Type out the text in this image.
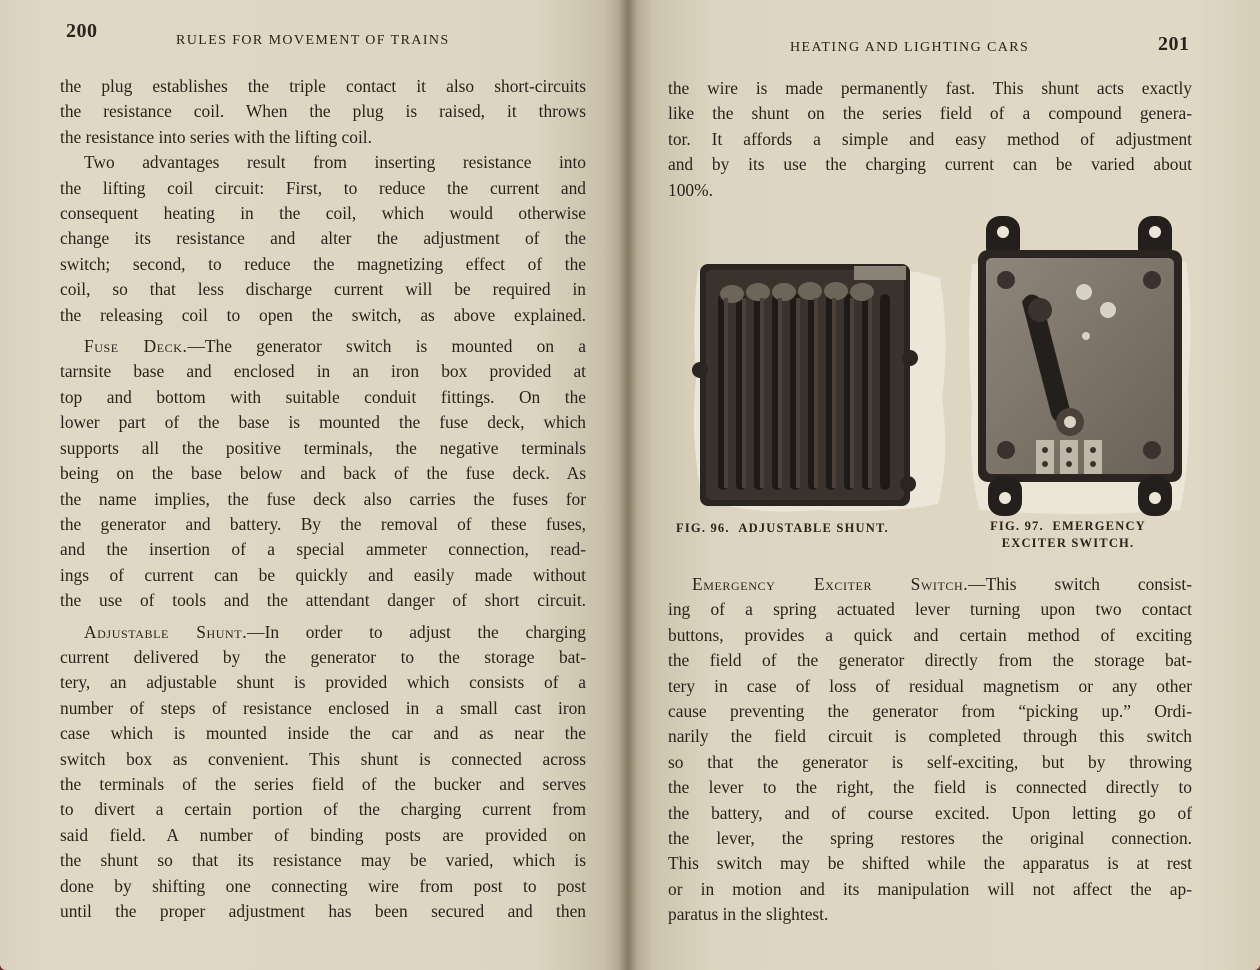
200	RULES FOR MOVEMENT OF TRAINS
the plug establishes the triple contact it also short-circuits
the resistance coil. When the plug is raised, it throws
the resistance into series with the lifting coil.
Two advantages result from inserting resistance into
the lifting coil circuit: First, to reduce the current and
consequent heating in the coil, which would otherwise
change its resistance and alter the adjustment of the
switch; second, to reduce the magnetizing effect of the
coil, so that less discharge current will be required in
the releasing coil to open the switch, as above explained.
Fuse Deck.—The generator switch is mounted on a
tarnsite base and enclosed in an iron box provided at
top and bottom with suitable conduit fittings. On the
lower part of the base is mounted the fuse deck, which
supports all the positive terminals, the negative terminals
being on the base below and back of the fuse deck. As
the name implies, the fuse deck also carries the fuses for
the generator and battery. By the removal of these fuses,
and the insertion of a special ammeter connection, read-
ings of current can be quickly and easily made without
the use of tools and the attendant danger of short circuit.
Adjustable Shunt.—In order to adjust the charging
current delivered by the generator to the storage bat-
tery, an adjustable shunt is provided which consists of a
number of steps of resistance enclosed in a small cast iron
case which is mounted inside the car and as near the
switch box as convenient. This shunt is connected across
the terminals of the series field of the bucker and serves
to divert a certain portion of the charging current from
said field. A number of binding posts are provided on
the shunt so that its resistance may be varied, which is
done by shifting one connecting wire from post to post
until the proper adjustment has been secured and then
HEATING AND LIGHTING CARS	201
the wire is made permanently fast. This shunt acts exactly
like the shunt on the series field of a compound genera-
tor. It affords a simple and easy method of adjustment
and by its use the charging current can be varied about
100%.
Emergency Exciter Switch.—This switch consist-
ing of a spring actuated lever turning upon two contact
buttons, provides a quick and certain method of exciting
the field of the generator directly from the storage bat-
tery in case of loss of residual magnetism or any other
cause preventing the generator from “picking up.” Ordi-
narily the field circuit is completed through this switch
so that the generator is self-exciting, but by throwing
the lever to the right, the field is connected directly to
the battery, and of course excited. Upon letting go of
the lever, the spring restores the original connection.
This switch may be shifted while the apparatus is at rest
or in motion and its manipulation will not affect the ap-
paratus in the slightest.
FIG. 96. ADJUSTABLE SHUNT.	FIG. 97. EMERGENCY
EXCITER SWITCH.
